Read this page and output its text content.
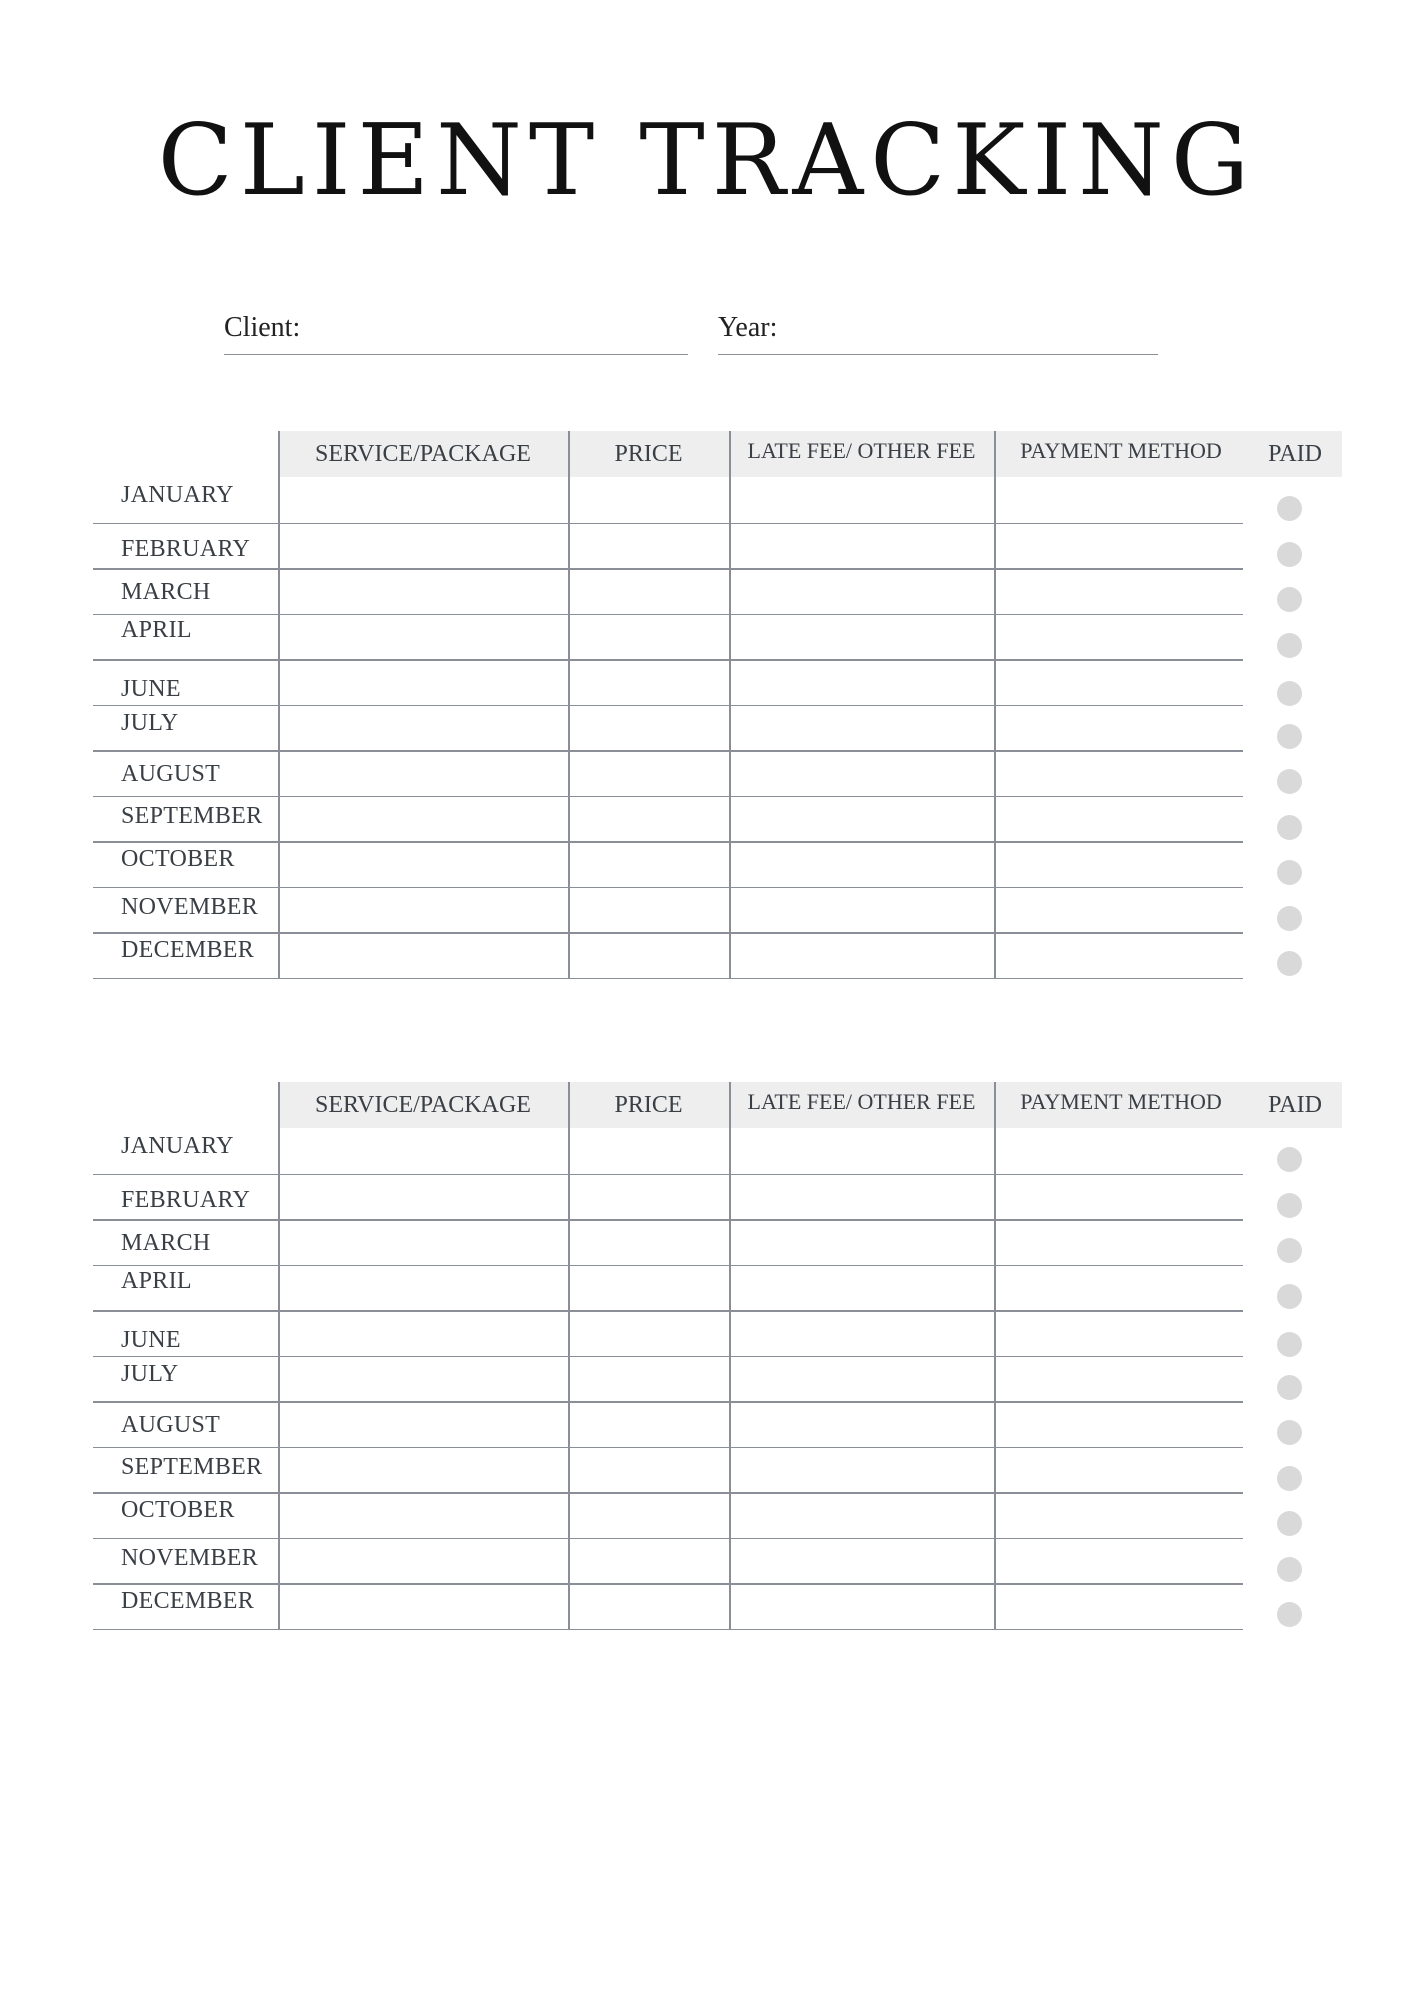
CLIENT TRACKING
Client:	Year:
SERVICE/PACKAGE	PRICE	LATE FEE/ OTHER FEE	PAYMENT METHOD	PAID
JANUARY
FEBRUARY
MARCH
APRIL
JUNE
JULY
AUGUST
SEPTEMBER
OCTOBER
NOVEMBER
DECEMBER
SERVICE/PACKAGE	PRICE	LATE FEE/ OTHER FEE	PAYMENT METHOD	PAID
JANUARY
FEBRUARY
MARCH
APRIL
JUNE
JULY
AUGUST
SEPTEMBER
OCTOBER
NOVEMBER
DECEMBER
